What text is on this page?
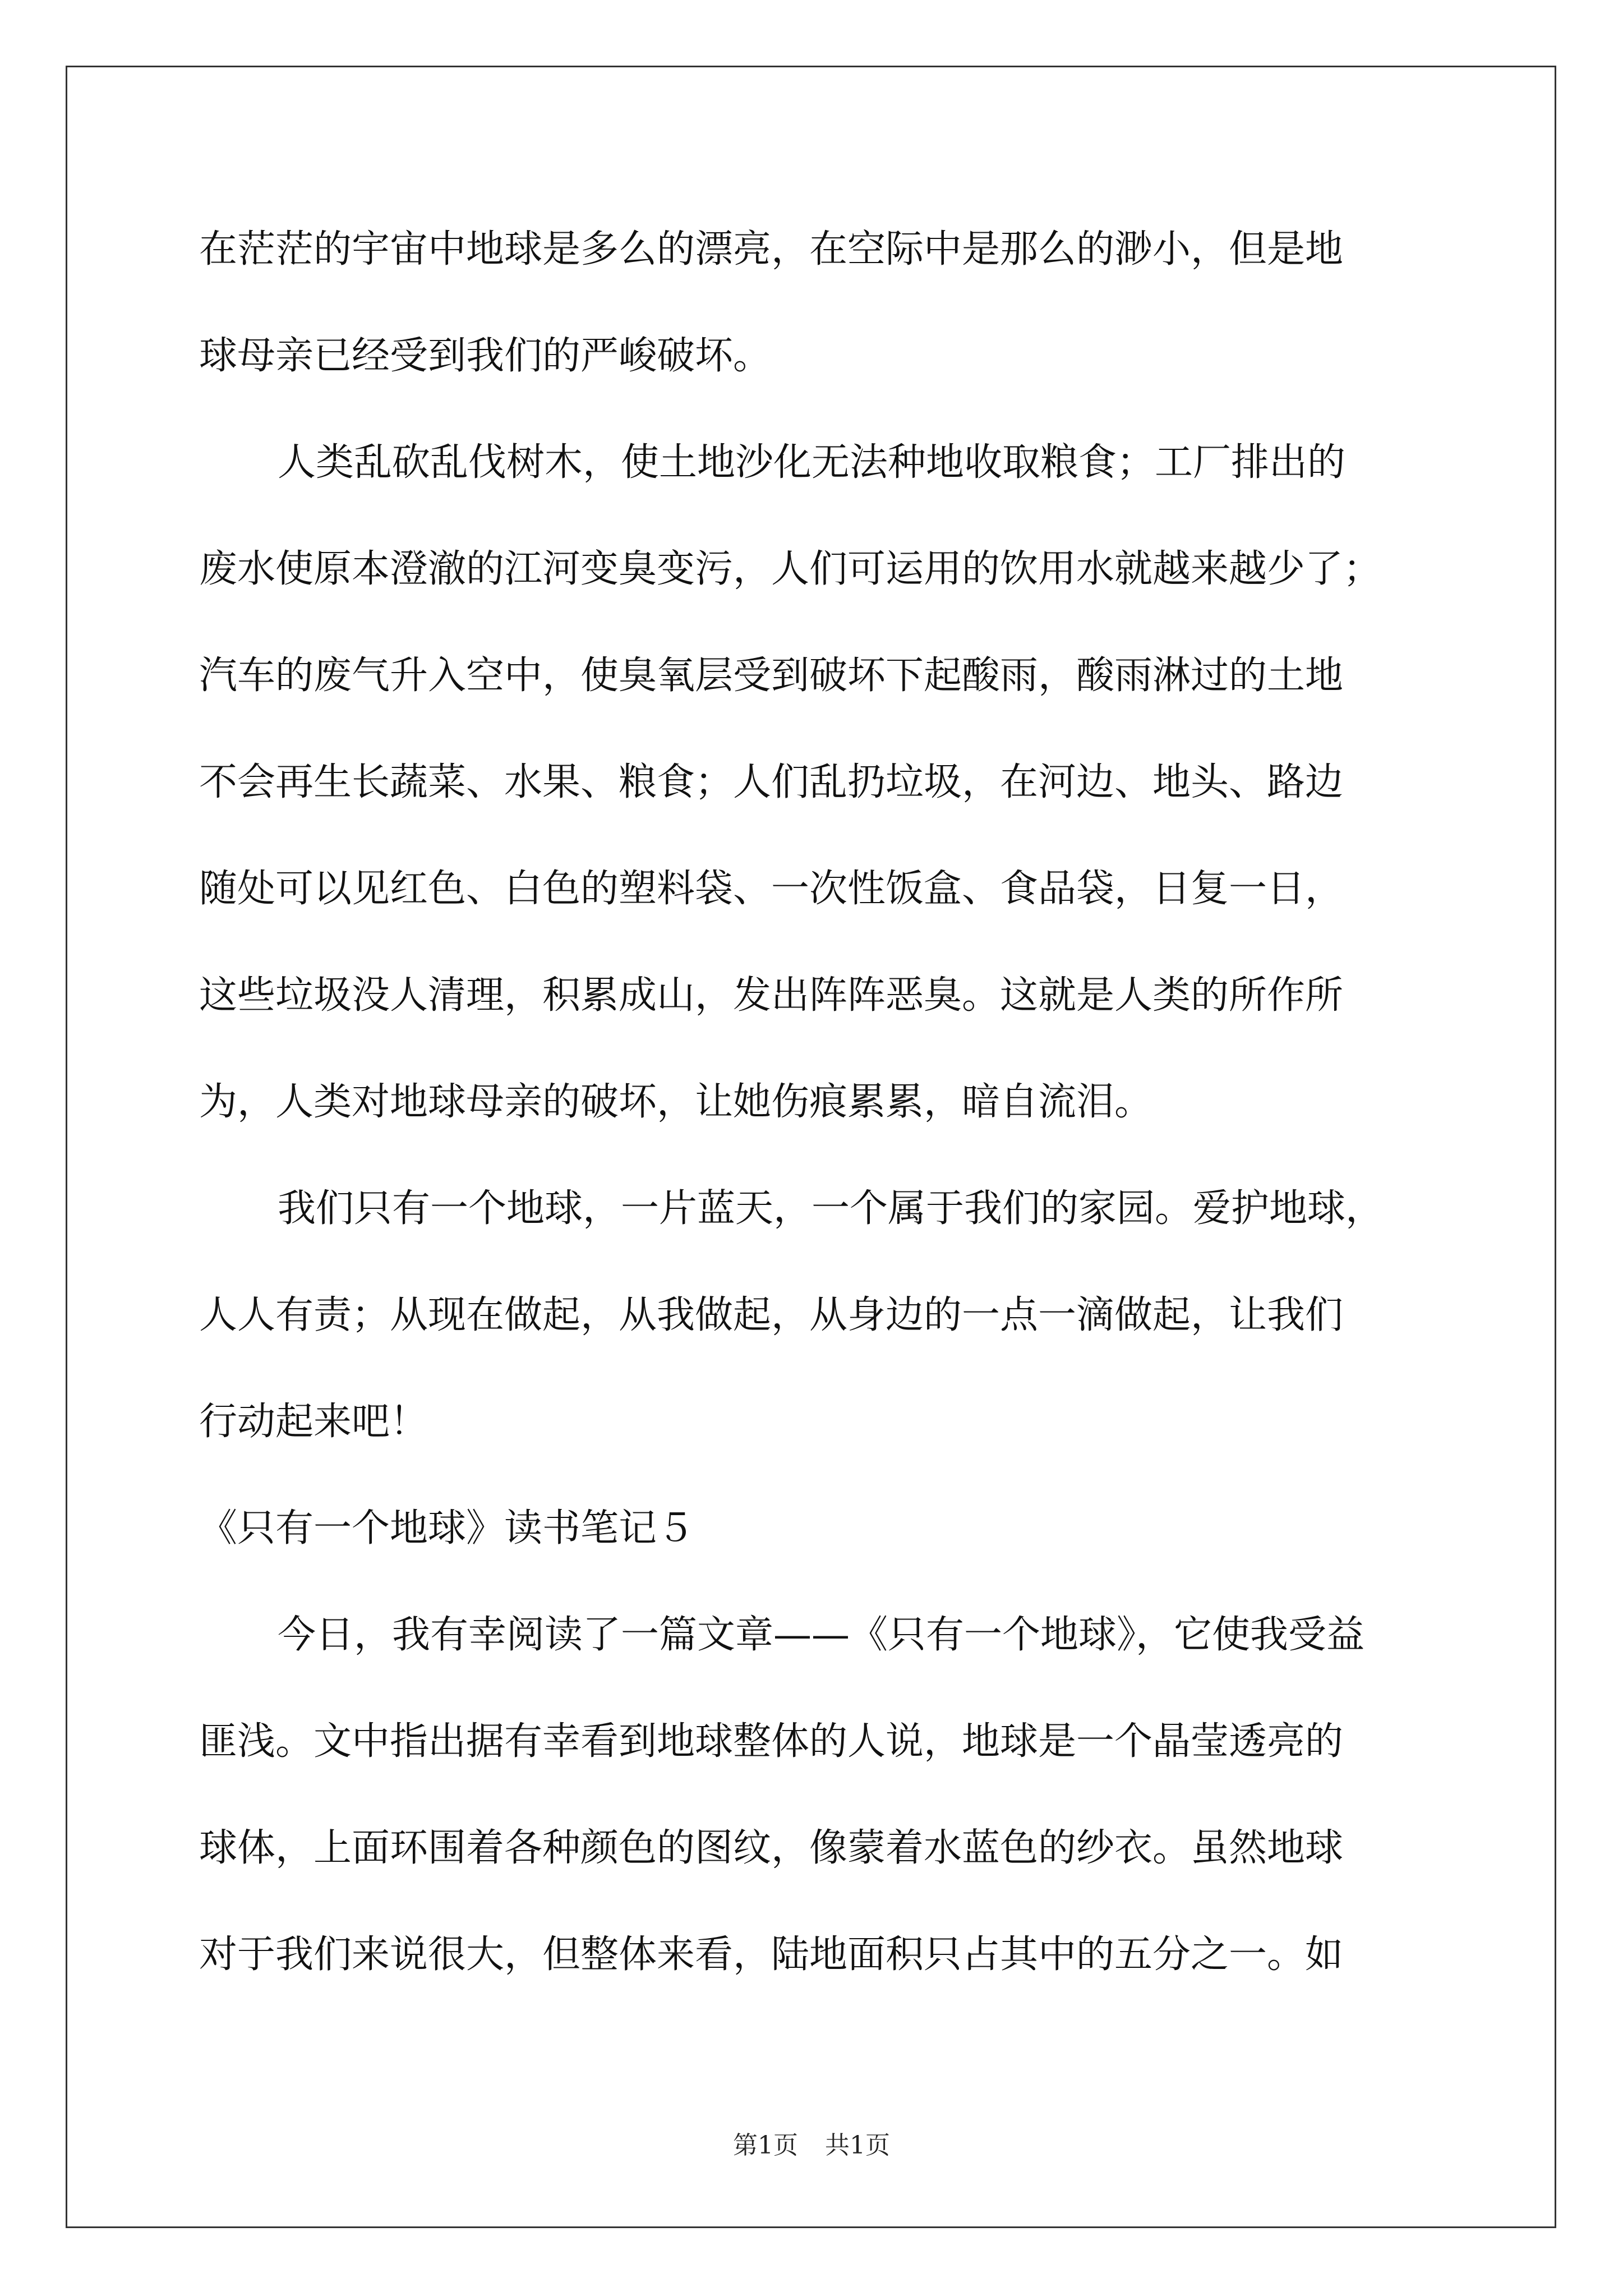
在茫茫的宇宙中地球是多么的漂亮，在空际中是那么的渺小，但是地
球母亲已经受到我们的严峻破坏。
人类乱砍乱伐树木，使土地沙化无法种地收取粮食；工厂排出的
废水使原本澄澈的江河变臭变污，人们可运用的饮用水就越来越少了；
汽车的废气升入空中，使臭氧层受到破坏下起酸雨，酸雨淋过的土地
不会再生长蔬菜、水果、粮食；人们乱扔垃圾，在河边、地头、路边
随处可以见红色、白色的塑料袋、一次性饭盒、食品袋，日复一日，
这些垃圾没人清理，积累成山，发出阵阵恶臭。这就是人类的所作所
为，人类对地球母亲的破坏，让她伤痕累累，暗自流泪。
我们只有一个地球，一片蓝天，一个属于我们的家园。爱护地球，
人人有责；从现在做起，从我做起，从身边的一点一滴做起，让我们
行动起来吧！
《只有一个地球》读书笔记５
今日，我有幸阅读了一篇文章——《只有一个地球》，它使我受益
匪浅。文中指出据有幸看到地球整体的人说，地球是一个晶莹透亮的
球体，上面环围着各种颜色的图纹，像蒙着水蓝色的纱衣。虽然地球
对于我们来说很大，但整体来看，陆地面积只占其中的五分之一。如
第1页 共1页
